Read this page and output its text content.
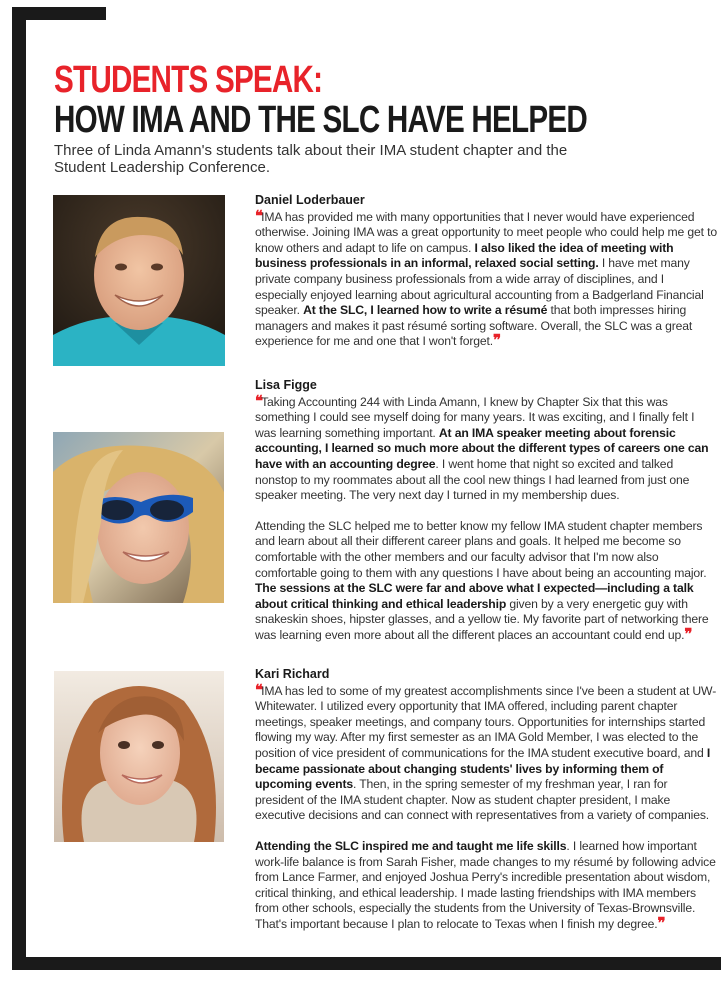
STUDENTS SPEAK:
HOW IMA AND THE SLC HAVE HELPED
Three of Linda Amann's students talk about their IMA student chapter and the Student Leadership Conference.
Daniel Loderbauer

❝IMA has provided me with many opportunities that I never would have experienced otherwise. Joining IMA was a great opportunity to meet people who could help me get to know others and adapt to life on campus. I also liked the idea of meeting with business professionals in an informal, relaxed social setting. I have met many private company business professionals from a wide array of disciplines, and I especially enjoyed learning about agricultural accounting from a Badgerland Financial speaker. At the SLC, I learned how to write a résumé that both impresses hiring managers and makes it past résumé sorting software. Overall, the SLC was a great experience for me and one that I won't forget.❞

Lisa Figge

❝Taking Accounting 244 with Linda Amann, I knew by Chapter Six that this was something I could see myself doing for many years. It was exciting, and I finally felt I was learning something important. At an IMA speaker meeting about forensic accounting, I learned so much more about the different types of careers one can have with an accounting degree. I went home that night so excited and talked nonstop to my roommates about all the cool new things I had learned from just one speaker meeting. The very next day I turned in my membership dues.

Attending the SLC helped me to better know my fellow IMA student chapter members and learn about all their different career plans and goals. It helped me become so comfortable with the other members and our faculty advisor that I'm now also comfortable going to them with any questions I have about being an accounting major. The sessions at the SLC were far and above what I expected—including a talk about critical thinking and ethical leadership given by a very energetic guy with snakeskin shoes, hipster glasses, and a yellow tie. My favorite part of networking there was learning even more about all the different places an accountant could end up.❞

Kari Richard

❝IMA has led to some of my greatest accomplishments since I've been a student at UW-Whitewater. I utilized every opportunity that IMA offered, including parent chapter meetings, speaker meetings, and company tours. Opportunities for internships started flowing my way. After my first semester as an IMA Gold Member, I was elected to the position of vice president of communications for the IMA student executive board, and I became passionate about changing students' lives by informing them of upcoming events. Then, in the spring semester of my freshman year, I ran for president of the IMA student chapter. Now as student chapter president, I make executive decisions and can connect with representatives from a variety of companies.

Attending the SLC inspired me and taught me life skills. I learned how important work-life balance is from Sarah Fisher, made changes to my résumé by following advice from Lance Farmer, and enjoyed Joshua Perry's incredible presentation about wisdom, critical thinking, and ethical leadership. I made lasting friendships with IMA members from other schools, especially the students from the University of Texas-Brownsville. That's important because I plan to relocate to Texas when I finish my degree.❞
